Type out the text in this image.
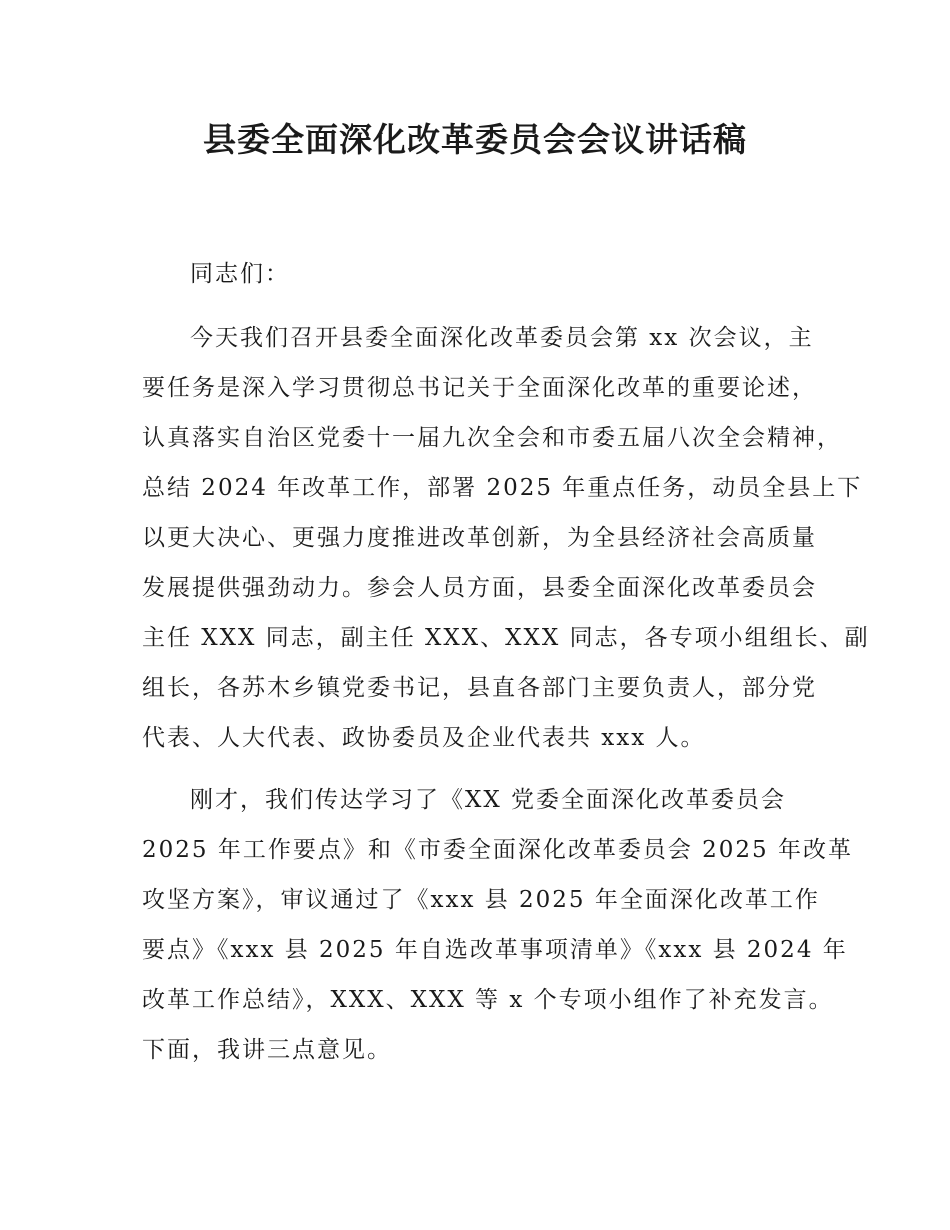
县委全面深化改革委员会会议讲话稿
同志们：
今天我们召开县委全面深化改革委员会第 xx 次会议，主
要任务是深入学习贯彻总书记关于全面深化改革的重要论述，
认真落实自治区党委十一届九次全会和市委五届八次全会精神，
总结 2024 年改革工作，部署 2025 年重点任务，动员全县上下
以更大决心、更强力度推进改革创新，为全县经济社会高质量
发展提供强劲动力。参会人员方面，县委全面深化改革委员会
主任 XXX 同志，副主任 XXX、XXX 同志，各专项小组组长、副
组长，各苏木乡镇党委书记，县直各部门主要负责人，部分党
代表、人大代表、政协委员及企业代表共 xxx 人。
刚才，我们传达学习了《XX 党委全面深化改革委员会
2025 年工作要点》和《市委全面深化改革委员会 2025 年改革
攻坚方案》，审议通过了《xxx 县 2025 年全面深化改革工作
要点》《xxx 县 2025 年自选改革事项清单》《xxx 县 2024 年
改革工作总结》，XXX、XXX 等 x 个专项小组作了补充发言。
下面，我讲三点意见。
